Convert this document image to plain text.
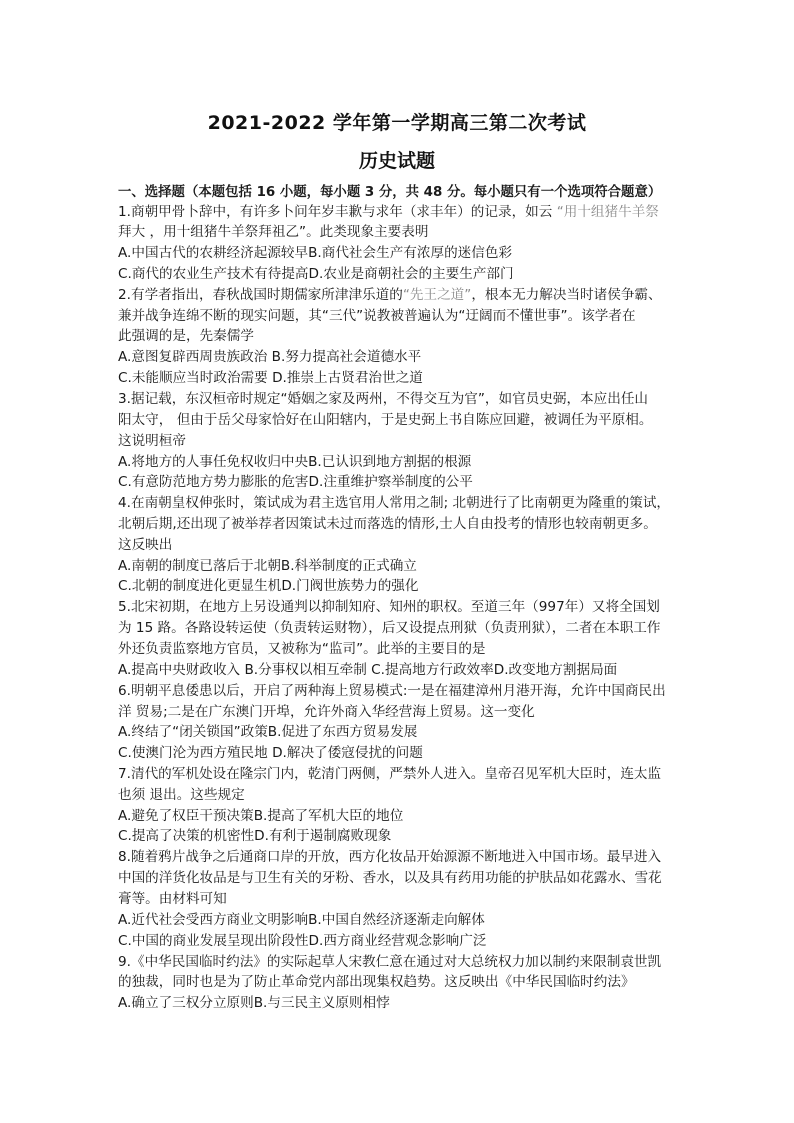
2021-2022 学年第一学期高三第二次考试
历史试题
一、选择题（本题包括 16 小题，每小题 3 分，共 48 分。每小题只有一个选项符合题意）
1.商朝甲骨卜辞中，有许多卜问年岁丰歉与求年（求丰年）的记录，如云 “用十组猪牛羊祭
拜大 ，用十组猪牛羊祭拜祖乙”。此类现象主要表明
A.中国古代的农耕经济起源较早B.商代社会生产有浓厚的迷信色彩
C.商代的农业生产技术有待提高D.农业是商朝社会的主要生产部门
2.有学者指出，春秋战国时期儒家所津津乐道的“先王之道”，根本无力解决当时诸侯争霸、
兼并战争连绵不断的现实问题，其“三代”说教被普遍认为“迂阔而不懂世事”。该学者在
此强调的是，先秦儒学
A.意图复辟西周贵族政治 B.努力提高社会道德水平
C.未能顺应当时政治需要 D.推崇上古贤君治世之道
3.据记载，东汉桓帝时规定“婚姻之家及两州，不得交互为官”，如官员史弼，本应出任山
阳太守， 但由于岳父母家恰好在山阳辖内，于是史弼上书自陈应回避，被调任为平原相。
这说明桓帝
A.将地方的人事任免权收归中央B.已认识到地方割据的根源
C.有意防范地方势力膨胀的危害D.注重维护察举制度的公平
4.在南朝皇权伸张时，策试成为君主选官用人常用之制; 北朝进行了比南朝更为隆重的策试，
北朝后期,还出现了被举荐者因策试未过而落选的情形,士人自由投考的情形也较南朝更多。
这反映出
A.南朝的制度已落后于北朝B.科举制度的正式确立
C.北朝的制度进化更显生机D.门阀世族势力的强化
5.北宋初期，在地方上另设通判以抑制知府、知州的职权。至道三年（997年）又将全国划
为 15 路。各路设转运使（负责转运财物），后又设提点刑狱（负责刑狱），二者在本职工作
外还负责监察地方官员，又被称为“监司”。此举的主要目的是
A.提高中央财政收入 B.分事权以相互牵制 C.提高地方行政效率D.改变地方割据局面
6.明朝平息倭患以后，开启了两种海上贸易模式:一是在福建漳州月港开海，允许中国商民出
洋 贸易;二是在广东澳门开埠，允许外商入华经营海上贸易。这一变化
A.终结了“闭关锁国”政策B.促进了东西方贸易发展
C.使澳门沦为西方殖民地 D.解决了倭寇侵扰的问题
7.清代的军机处设在隆宗门内，乾清门两侧，严禁外人进入。皇帝召见军机大臣时，连太监
也须 退出。这些规定
A.避免了权臣干预决策B.提高了军机大臣的地位
C.提高了决策的机密性D.有利于遏制腐败现象
8.随着鸦片战争之后通商口岸的开放，西方化妆品开始源源不断地进入中国市场。最早进入
中国的洋货化妆品是与卫生有关的牙粉、香水，以及具有药用功能的护肤品如花露水、雪花
膏等。由材料可知
A.近代社会受西方商业文明影响B.中国自然经济逐渐走向解体
C.中国的商业发展呈现出阶段性D.西方商业经营观念影响广泛
9.《中华民国临时约法》的实际起草人宋教仁意在通过对大总统权力加以制约来限制袁世凯
的独裁，同时也是为了防止革命党内部出现集权趋势。这反映出《中华民国临时约法》
A.确立了三权分立原则B.与三民主义原则相悖
